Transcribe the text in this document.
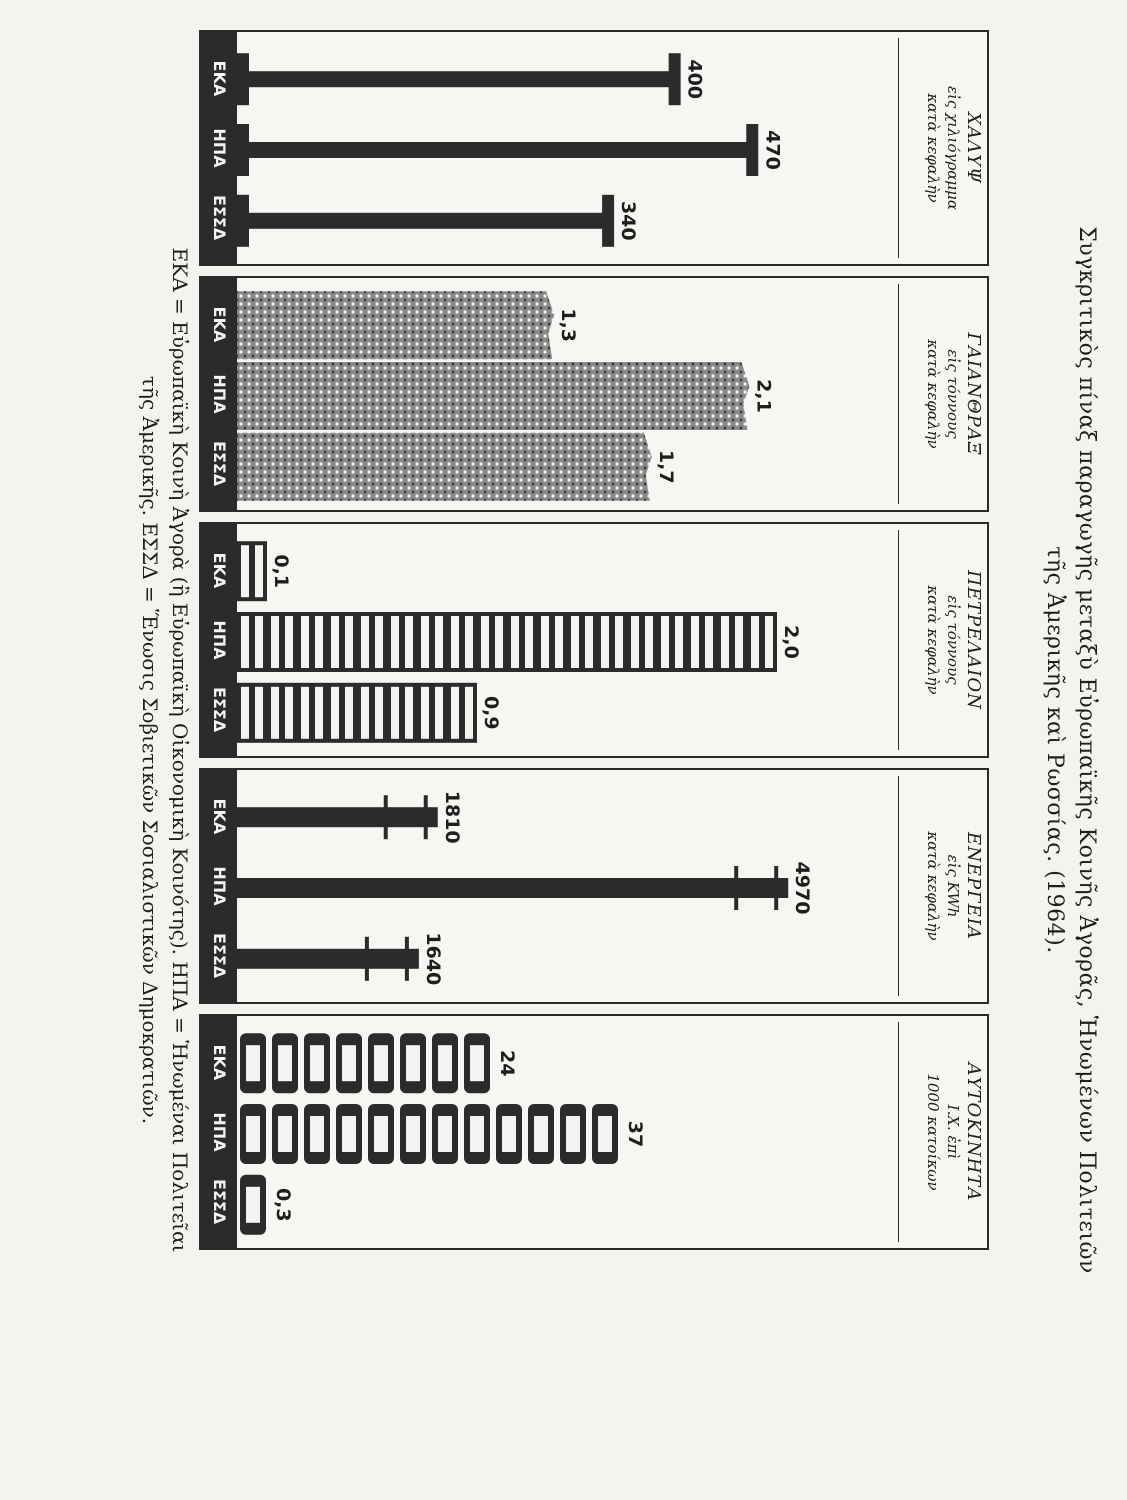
Συγκριτικὸς πίναξ παραγωγῆς μεταξὺ Εὐρωπαϊκῆς Κοινῆς Ἀγορᾶς, Ἡνωμένων Πολιτειῶν
τῆς Ἀμερικῆς καὶ Ρωσσίας. (1964).
ΧΑΛΥΨ
εἰς χιλιόγραμμα
κατὰ κεφαλὴν
400
470
340
ΕΚΑ
ΗΠΑ
ΕΣΣΔ
ΓΑΙΑΝΘΡΑΞ
εἰς τόννους
κατὰ κεφαλὴν
1,3
2,1
1,7
ΕΚΑ
ΗΠΑ
ΕΣΣΔ
ΠΕΤΡΕΛΑΙΟΝ
εἰς τόννους
κατὰ κεφαλὴν
0,1
2,0
0,9
ΕΚΑ
ΗΠΑ
ΕΣΣΔ
ΕΝΕΡΓΕΙΑ
εἰς KWh
κατὰ κεφαλὴν
1810
4970
1640
ΕΚΑ
ΗΠΑ
ΕΣΣΔ
ΑΥΤΟΚΙΝΗΤΑ
Ι.Χ. ἐπὶ
1000 κατοίκων
24
37
0,3
ΕΚΑ
ΗΠΑ
ΕΣΣΔ
ΕΚΑ = Εὐρωπαϊκὴ Κοινὴ Ἀγορὰ (ἢ Εὐρωπαϊκὴ Οἰκονομικὴ Κοινότης). ΗΠΑ = Ἡνωμέναι Πολιτεῖαι
τῆς Ἀμερικῆς. ΕΣΣΔ = Ἕνωσις Σοβιετικῶν Σοσιαλιστικῶν Δημοκρατιῶν.
